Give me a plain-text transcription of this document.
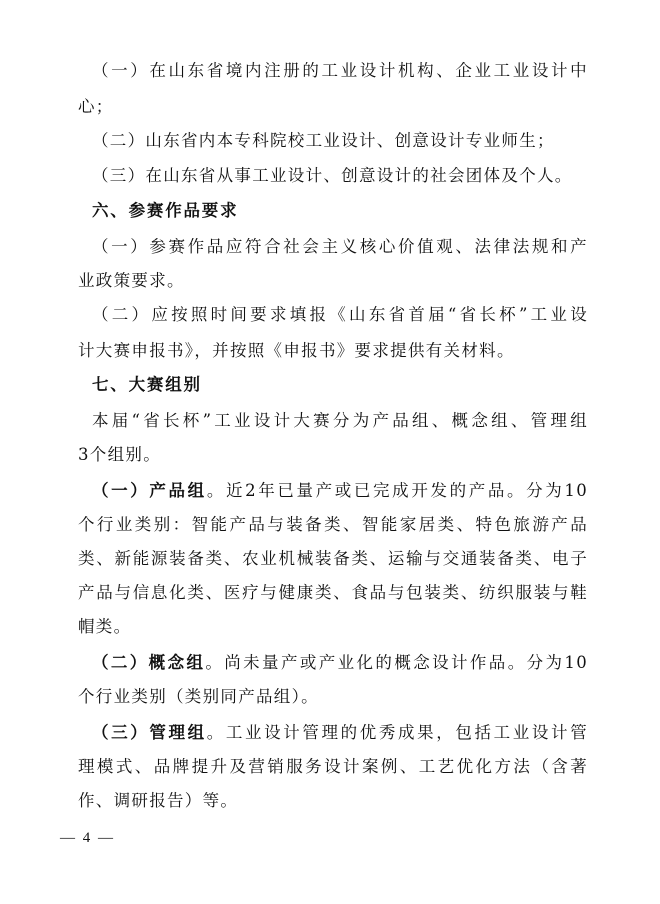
（一）在山东省境内注册的工业设计机构、企业工业设计中
心；
（二）山东省内本专科院校工业设计、创意设计专业师生；
（三）在山东省从事工业设计、创意设计的社会团体及个人。
六、参赛作品要求
（一）参赛作品应符合社会主义核心价值观、法律法规和产
业政策要求。
（二）应按照时间要求填报《山东省首届“省长杯”工业设
计大赛申报书》，并按照《申报书》要求提供有关材料。
七、大赛组别
本届“省长杯”工业设计大赛分为产品组、概念组、管理组
3个组别。
（一）产品组。近2年已量产或已完成开发的产品。分为10
个行业类别：智能产品与装备类、智能家居类、特色旅游产品
类、新能源装备类、农业机械装备类、运输与交通装备类、电子
产品与信息化类、医疗与健康类、食品与包装类、纺织服装与鞋
帽类。
（二）概念组。尚未量产或产业化的概念设计作品。分为10
个行业类别（类别同产品组）。
（三）管理组。工业设计管理的优秀成果，包括工业设计管
理模式、品牌提升及营销服务设计案例、工艺优化方法（含著
作、调研报告）等。
— 4 —
